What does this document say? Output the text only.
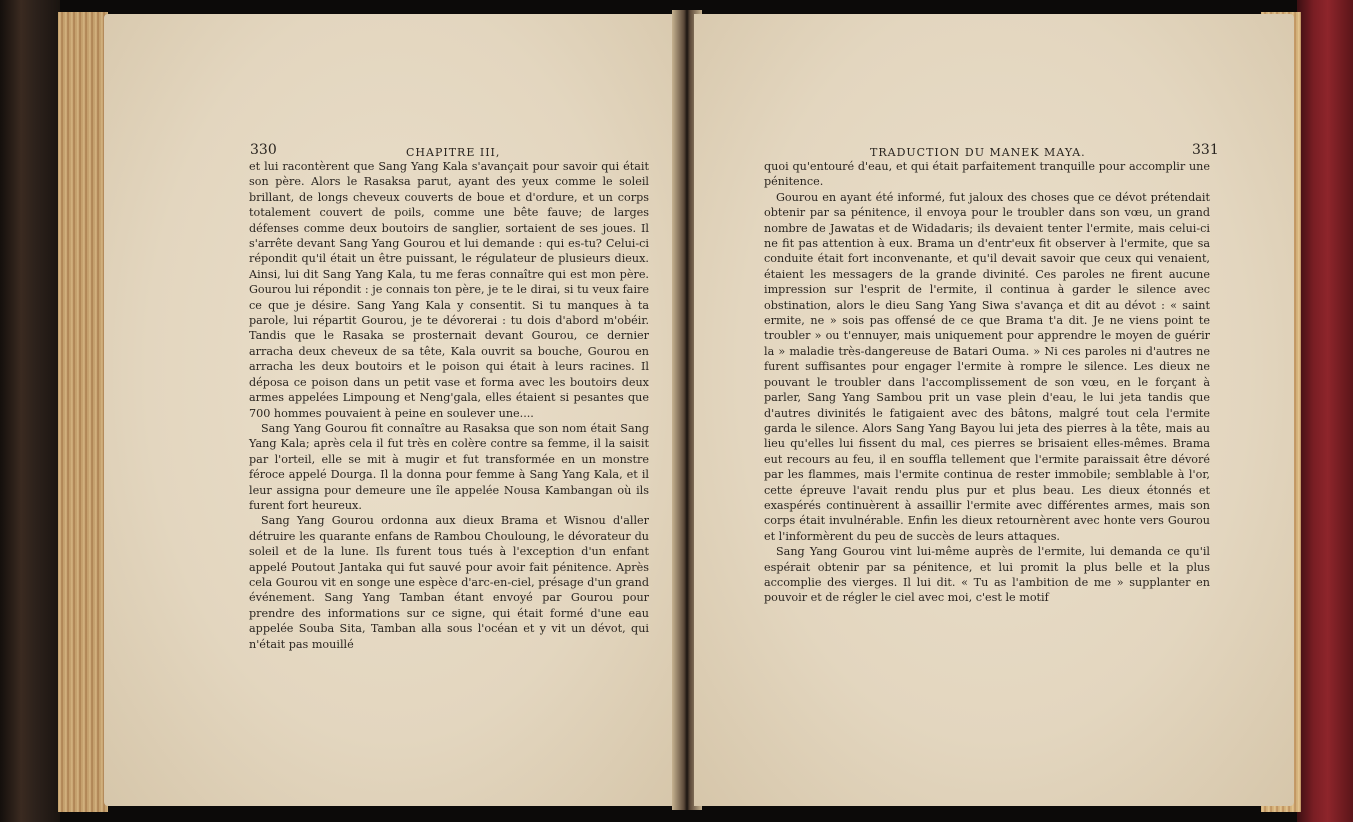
330	CHAPITRE III,

et lui racontèrent que Sang Yang Kala s'avançait pour savoir qui était son père. Alors le Rasaksa parut, ayant des yeux comme le soleil brillant, de longs cheveux couverts de boue et d'ordure, et un corps totalement couvert de poils, comme une bête fauve; de larges défenses comme deux boutoirs de sanglier, sortaient de ses joues. Il s'arrête devant Sang Yang Gourou et lui demande : qui es-tu? Celui-ci répondit qu'il était un être puissant, le régulateur de plusieurs dieux. Ainsi, lui dit Sang Yang Kala, tu me feras connaître qui est mon père. Gourou lui répondit : je connais ton père, je te le dirai, si tu veux faire ce que je désire. Sang Yang Kala y consentit. Si tu manques à ta parole, lui répartit Gourou, je te dévorerai : tu dois d'abord m'obéir. Tandis que le Rasaka se prosternait devant Gourou, ce dernier arracha deux cheveux de sa tête, Kala ouvrit sa bouche, Gourou en arracha les deux boutoirs et le poison qui était à leurs racines. Il déposa ce poison dans un petit vase et forma avec les boutoirs deux armes appelées Limpoung et Neng'gala, elles étaient si pesantes que 700 hommes pouvaient à peine en soulever une....

Sang Yang Gourou fit connaître au Rasaksa que son nom était Sang Yang Kala; après cela il fut très en colère contre sa femme, il la saisit par l'orteil, elle se mit à mugir et fut transformée en un monstre féroce appelé Dourga. Il la donna pour femme à Sang Yang Kala, et il leur assigna pour demeure une île appelée Nousa Kambangan où ils furent fort heureux.

Sang Yang Gourou ordonna aux dieux Brama et Wisnou d'aller détruire les quarante enfans de Rambou Chouloung, le dévorateur du soleil et de la lune. Ils furent tous tués à l'exception d'un enfant appelé Poutout Jantaka qui fut sauvé pour avoir fait pénitence. Après cela Gourou vit en songe une espèce d'arc-en-ciel, présage d'un grand événement. Sang Yang Tamban étant envoyé par Gourou pour prendre des informations sur ce signe, qui était formé d'une eau appelée Souba Sita, Tamban alla sous l'océan et y vit un dévot, qui n'était pas mouillé

TRADUCTION DU MANEK MAYA.	331

quoi qu'entouré d'eau, et qui était parfaitement tranquille pour accomplir une pénitence.

Gourou en ayant été informé, fut jaloux des choses que ce dévot prétendait obtenir par sa pénitence, il envoya pour le troubler dans son vœu, un grand nombre de Jawatas et de Widadaris; ils devaient tenter l'ermite, mais celui-ci ne fit pas attention à eux. Brama un d'entr'eux fit observer à l'ermite, que sa conduite était fort inconvenante, et qu'il devait savoir que ceux qui venaient, étaient les messagers de la grande divinité. Ces paroles ne firent aucune impression sur l'esprit de l'ermite, il continua à garder le silence avec obstination, alors le dieu Sang Yang Siwa s'avança et dit au dévot : « saint ermite, ne » sois pas offensé de ce que Brama t'a dit. Je ne viens point te troubler » ou t'ennuyer, mais uniquement pour apprendre le moyen de guérir la » maladie très-dangereuse de Batari Ouma. » Ni ces paroles ni d'autres ne furent suffisantes pour engager l'ermite à rompre le silence. Les dieux ne pouvant le troubler dans l'accomplissement de son vœu, en le forçant à parler, Sang Yang Sambou prit un vase plein d'eau, le lui jeta tandis que d'autres divinités le fatigaient avec des bâtons, malgré tout cela l'ermite garda le silence. Alors Sang Yang Bayou lui jeta des pierres à la tête, mais au lieu qu'elles lui fissent du mal, ces pierres se brisaient elles-mêmes. Brama eut recours au feu, il en souffla tellement que l'ermite paraissait être dévoré par les flammes, mais l'ermite continua de rester immobile; semblable à l'or, cette épreuve l'avait rendu plus pur et plus beau. Les dieux étonnés et exaspérés continuèrent à assaillir l'ermite avec différentes armes, mais son corps était invulnérable. Enfin les dieux retournèrent avec honte vers Gourou et l'informèrent du peu de succès de leurs attaques.

Sang Yang Gourou vint lui-même auprès de l'ermite, lui demanda ce qu'il espérait obtenir par sa pénitence, et lui promit la plus belle et la plus accomplie des vierges. Il lui dit. « Tu as l'ambition de me » supplanter en pouvoir et de régler le ciel avec moi, c'est le motif
